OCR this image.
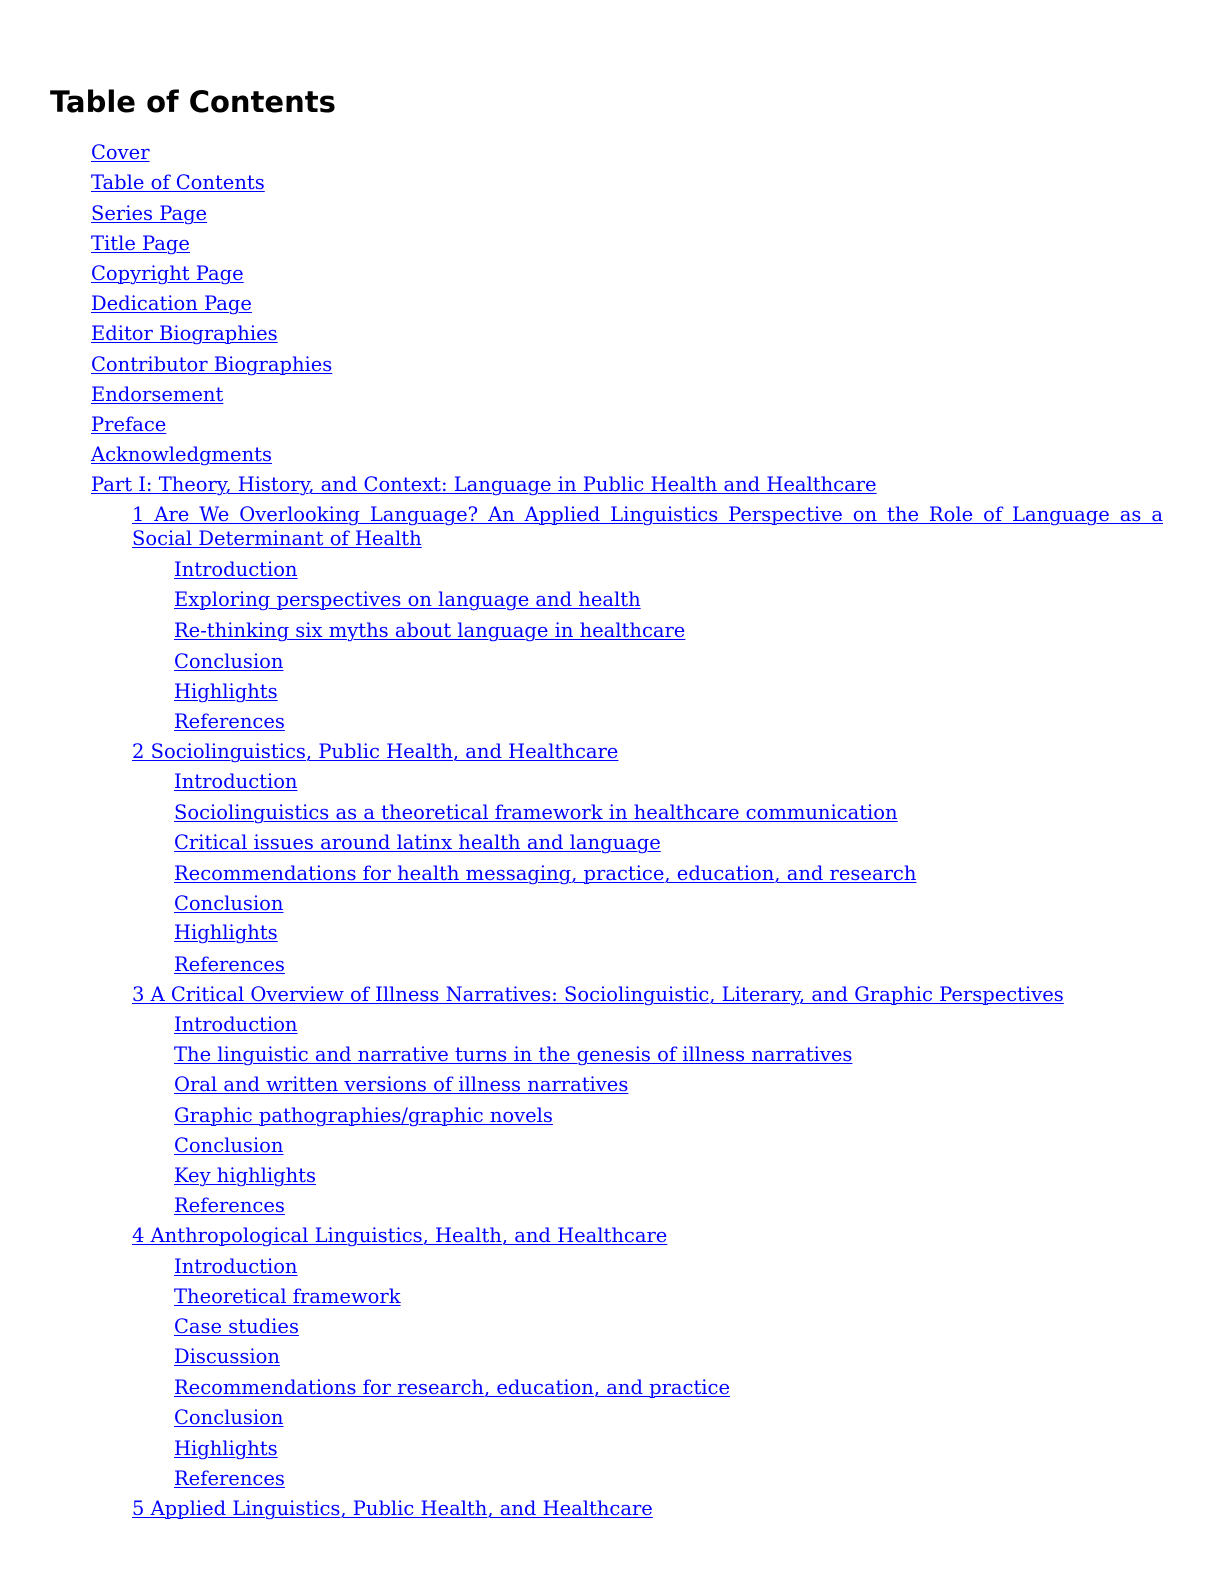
Table of Contents
Cover
Table of Contents
Series Page
Title Page
Copyright Page
Dedication Page
Editor Biographies
Contributor Biographies
Endorsement
Preface
Acknowledgments
Part I: Theory, History, and Context: Language in Public Health and Healthcare
1 Are We Overlooking Language? An Applied Linguistics Perspective on the Role of Language as a Social Determinant of Health
Introduction
Exploring perspectives on language and health
Re-thinking six myths about language in healthcare
Conclusion
Highlights
References
2 Sociolinguistics, Public Health, and Healthcare
Introduction
Sociolinguistics as a theoretical framework in healthcare communication
Critical issues around latinx health and language
Recommendations for health messaging, practice, education, and research
Conclusion
Highlights
References
3 A Critical Overview of Illness Narratives: Sociolinguistic, Literary, and Graphic Perspectives
Introduction
The linguistic and narrative turns in the genesis of illness narratives
Oral and written versions of illness narratives
Graphic pathographies/graphic novels
Conclusion
Key highlights
References
4 Anthropological Linguistics, Health, and Healthcare
Introduction
Theoretical framework
Case studies
Discussion
Recommendations for research, education, and practice
Conclusion
Highlights
References
5 Applied Linguistics, Public Health, and Healthcare
